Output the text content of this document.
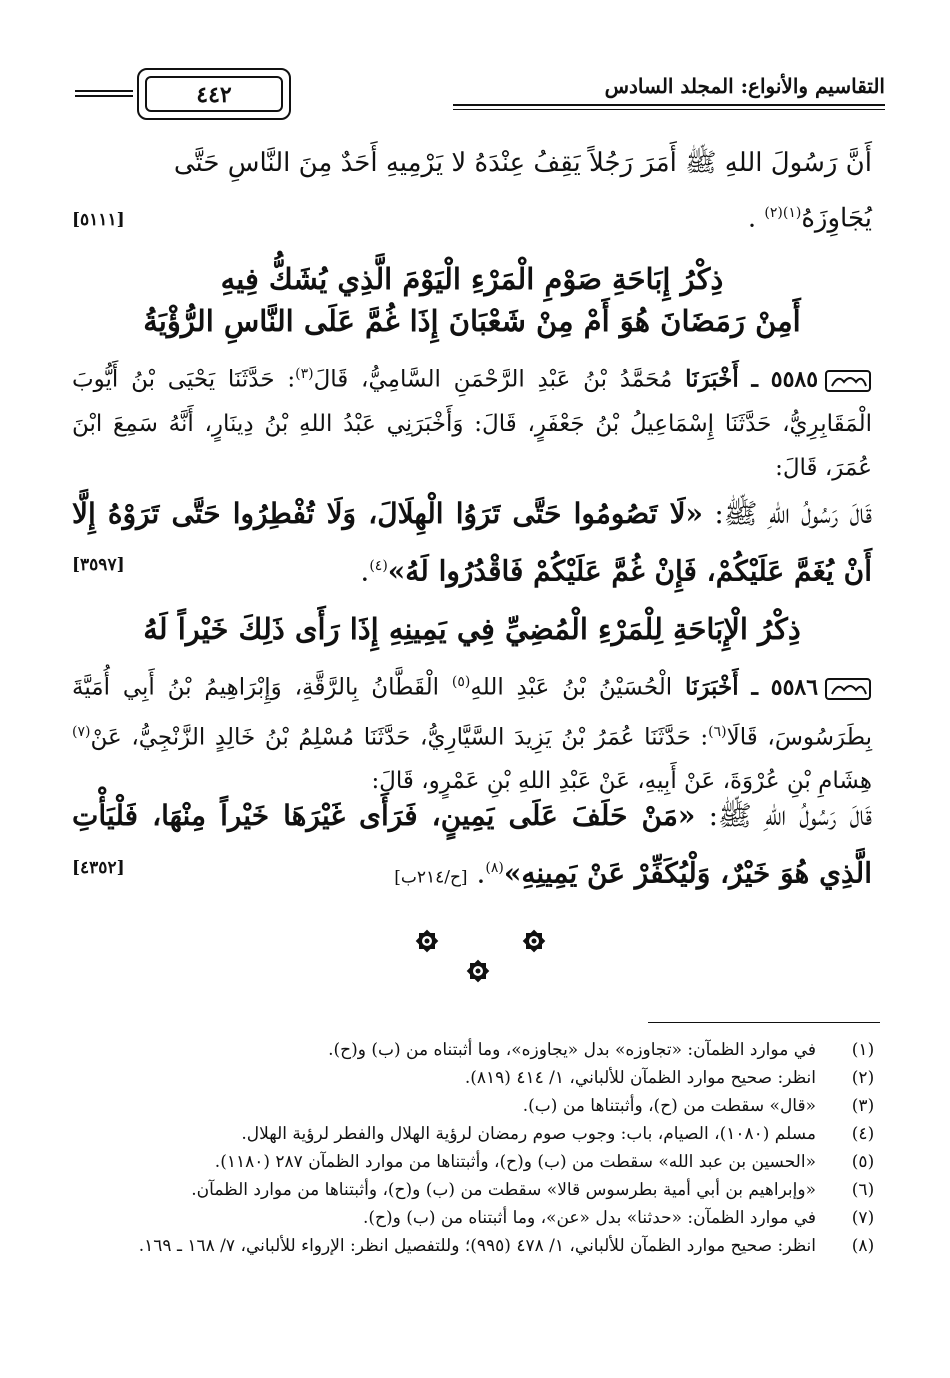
التقاسيم والأنواع: المجلد السادس
٤٤٢
أَنَّ رَسُولَ اللهِ ﷺ أَمَرَ رَجُلاً يَقِفُ عِنْدَهُ لا يَرْمِيهِ أَحَدٌ مِنَ النَّاسِ حَتَّى
يُجَاوِزَهُ$^{(١)(٢)}$ .
[٥١١١]
ذِكْرُ إِبَاحَةِ صَوْمِ الْمَرْءِ الْيَوْمَ الَّذِي يُشَكُّ فِيهِ
أَمِنْ رَمَضَانَ هُوَ أَمْ مِنْ شَعْبَانَ إِذَا غُمَّ عَلَى النَّاسِ الرُّؤْيَةُ
٥٥٨٥ ـ أَخْبَرَنَا مُحَمَّدُ بْنُ عَبْدِ الرَّحْمَنِ السَّامِيُّ، قَالَ$^{(٣)}$: حَدَّثَنَا يَحْيَى بْنُ أَيُّوبَ الْمَقَابِرِيُّ، حَدَّثَنَا إِسْمَاعِيلُ بْنُ جَعْفَرٍ، قَالَ: وَأَخْبَرَنِي عَبْدُ اللهِ بْنُ دِينَارٍ، أَنَّهُ سَمِعَ ابْنَ عُمَرَ، قَالَ:
قَالَ رَسُولُ اللهِ ﷺ: «لَا تَصُومُوا حَتَّى تَرَوُا الْهِلَالَ، وَلَا تُفْطِرُوا حَتَّى تَرَوْهُ إِلَّا أَنْ يُغَمَّ عَلَيْكُمْ، فَإِنْ غُمَّ عَلَيْكُمْ فَاقْدُرُوا لَهُ»$^{(٤)}$.
[٣٥٩٧]
ذِكْرُ الْإِبَاحَةِ لِلْمَرْءِ الْمُضِيِّ فِي يَمِينِهِ إِذَا رَأَى ذَلِكَ خَيْراً لَهُ
٥٥٨٦ ـ أَخْبَرَنَا الْحُسَيْنُ بْنُ عَبْدِ اللهِ$^{(٥)}$ الْقَطَّانُ بِالرَّقَّةِ، وَإِبْرَاهِيمُ بْنُ أَبِي أُمَيَّةَ بِطَرَسُوسَ، قَالَا$^{(٦)}$: حَدَّثَنَا عُمَرُ بْنُ يَزِيدَ السَّيَّارِيُّ، حَدَّثَنَا مُسْلِمُ بْنُ خَالِدٍ الزَّنْجِيُّ، عَنْ$^{(٧)}$ هِشَامِ بْنِ عُرْوَةَ، عَنْ أَبِيهِ، عَنْ عَبْدِ اللهِ بْنِ عَمْرٍو، قَالَ:
قَالَ رَسُولُ اللهِ ﷺ: «مَنْ حَلَفَ عَلَى يَمِينٍ، فَرَأَى غَيْرَهَا خَيْراً مِنْهَا، فَلْيَأْتِ الَّذِي هُوَ خَيْرٌ، وَلْيُكَفِّرْ عَنْ يَمِينِهِ»$^{(٨)}$. [ح/٢١٤ب]
[٤٣٥٢]
(١)
في موارد الظمآن: «تجاوزه» بدل «يجاوزه»، وما أثبتناه من (ب) و(ح).
(٢)
انظر: صحيح موارد الظمآن للألباني، ١/ ٤١٤ (٨١٩).
(٣)
«قال» سقطت من (ح)، وأثبتناها من (ب).
(٤)
مسلم (١٠٨٠)، الصيام، باب: وجوب صوم رمضان لرؤية الهلال والفطر لرؤية الهلال.
(٥)
«الحسين بن عبد الله» سقطت من (ب) و(ح)، وأثبتناها من موارد الظمآن ٢٨٧ (١١٨٠).
(٦)
«وإبراهيم بن أبي أمية بطرسوس قالا» سقطت من (ب) و(ح)، وأثبتناها من موارد الظمآن.
(٧)
في موارد الظمآن: «حدثنا» بدل «عن»، وما أثبتناه من (ب) و(ح).
(٨)
انظر: صحيح موارد الظمآن للألباني، ١/ ٤٧٨ (٩٩٥)؛ وللتفصيل انظر: الإرواء للألباني، ٧/ ١٦٨ ـ ١٦٩.
